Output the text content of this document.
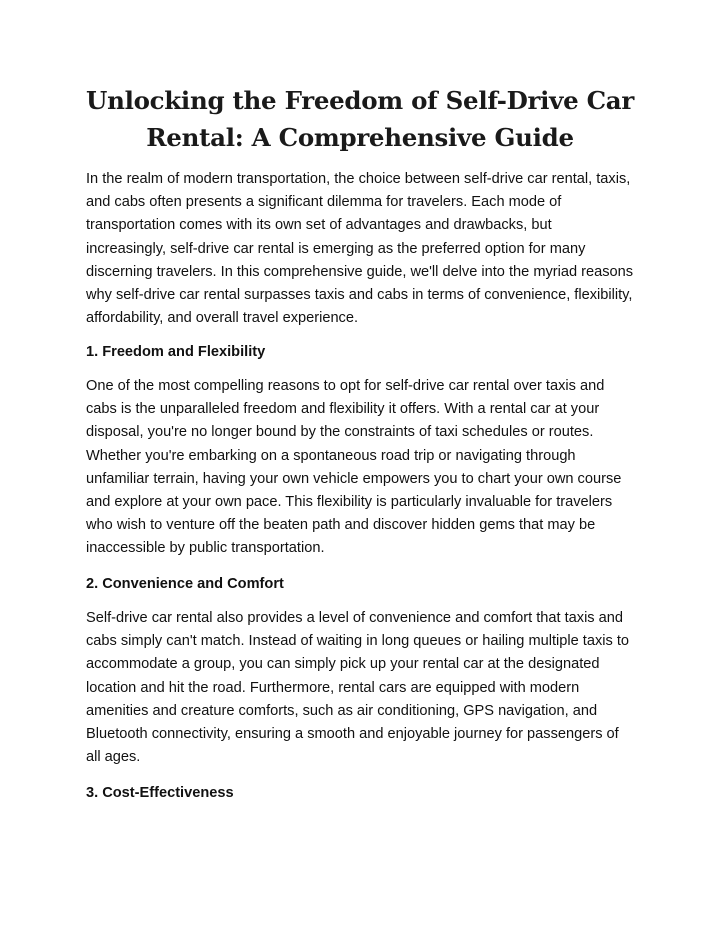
Unlocking the Freedom of Self-Drive Car Rental: A Comprehensive Guide

In the realm of modern transportation, the choice between self-drive car rental, taxis, and cabs often presents a significant dilemma for travelers. Each mode of transportation comes with its own set of advantages and drawbacks, but increasingly, self-drive car rental is emerging as the preferred option for many discerning travelers. In this comprehensive guide, we'll delve into the myriad reasons why self-drive car rental surpasses taxis and cabs in terms of convenience, flexibility, affordability, and overall travel experience.

1. Freedom and Flexibility

One of the most compelling reasons to opt for self-drive car rental over taxis and cabs is the unparalleled freedom and flexibility it offers. With a rental car at your disposal, you're no longer bound by the constraints of taxi schedules or routes. Whether you're embarking on a spontaneous road trip or navigating through unfamiliar terrain, having your own vehicle empowers you to chart your own course and explore at your own pace. This flexibility is particularly invaluable for travelers who wish to venture off the beaten path and discover hidden gems that may be inaccessible by public transportation.

2. Convenience and Comfort

Self-drive car rental also provides a level of convenience and comfort that taxis and cabs simply can't match. Instead of waiting in long queues or hailing multiple taxis to accommodate a group, you can simply pick up your rental car at the designated location and hit the road. Furthermore, rental cars are equipped with modern amenities and creature comforts, such as air conditioning, GPS navigation, and Bluetooth connectivity, ensuring a smooth and enjoyable journey for passengers of all ages.

3. Cost-Effectiveness
